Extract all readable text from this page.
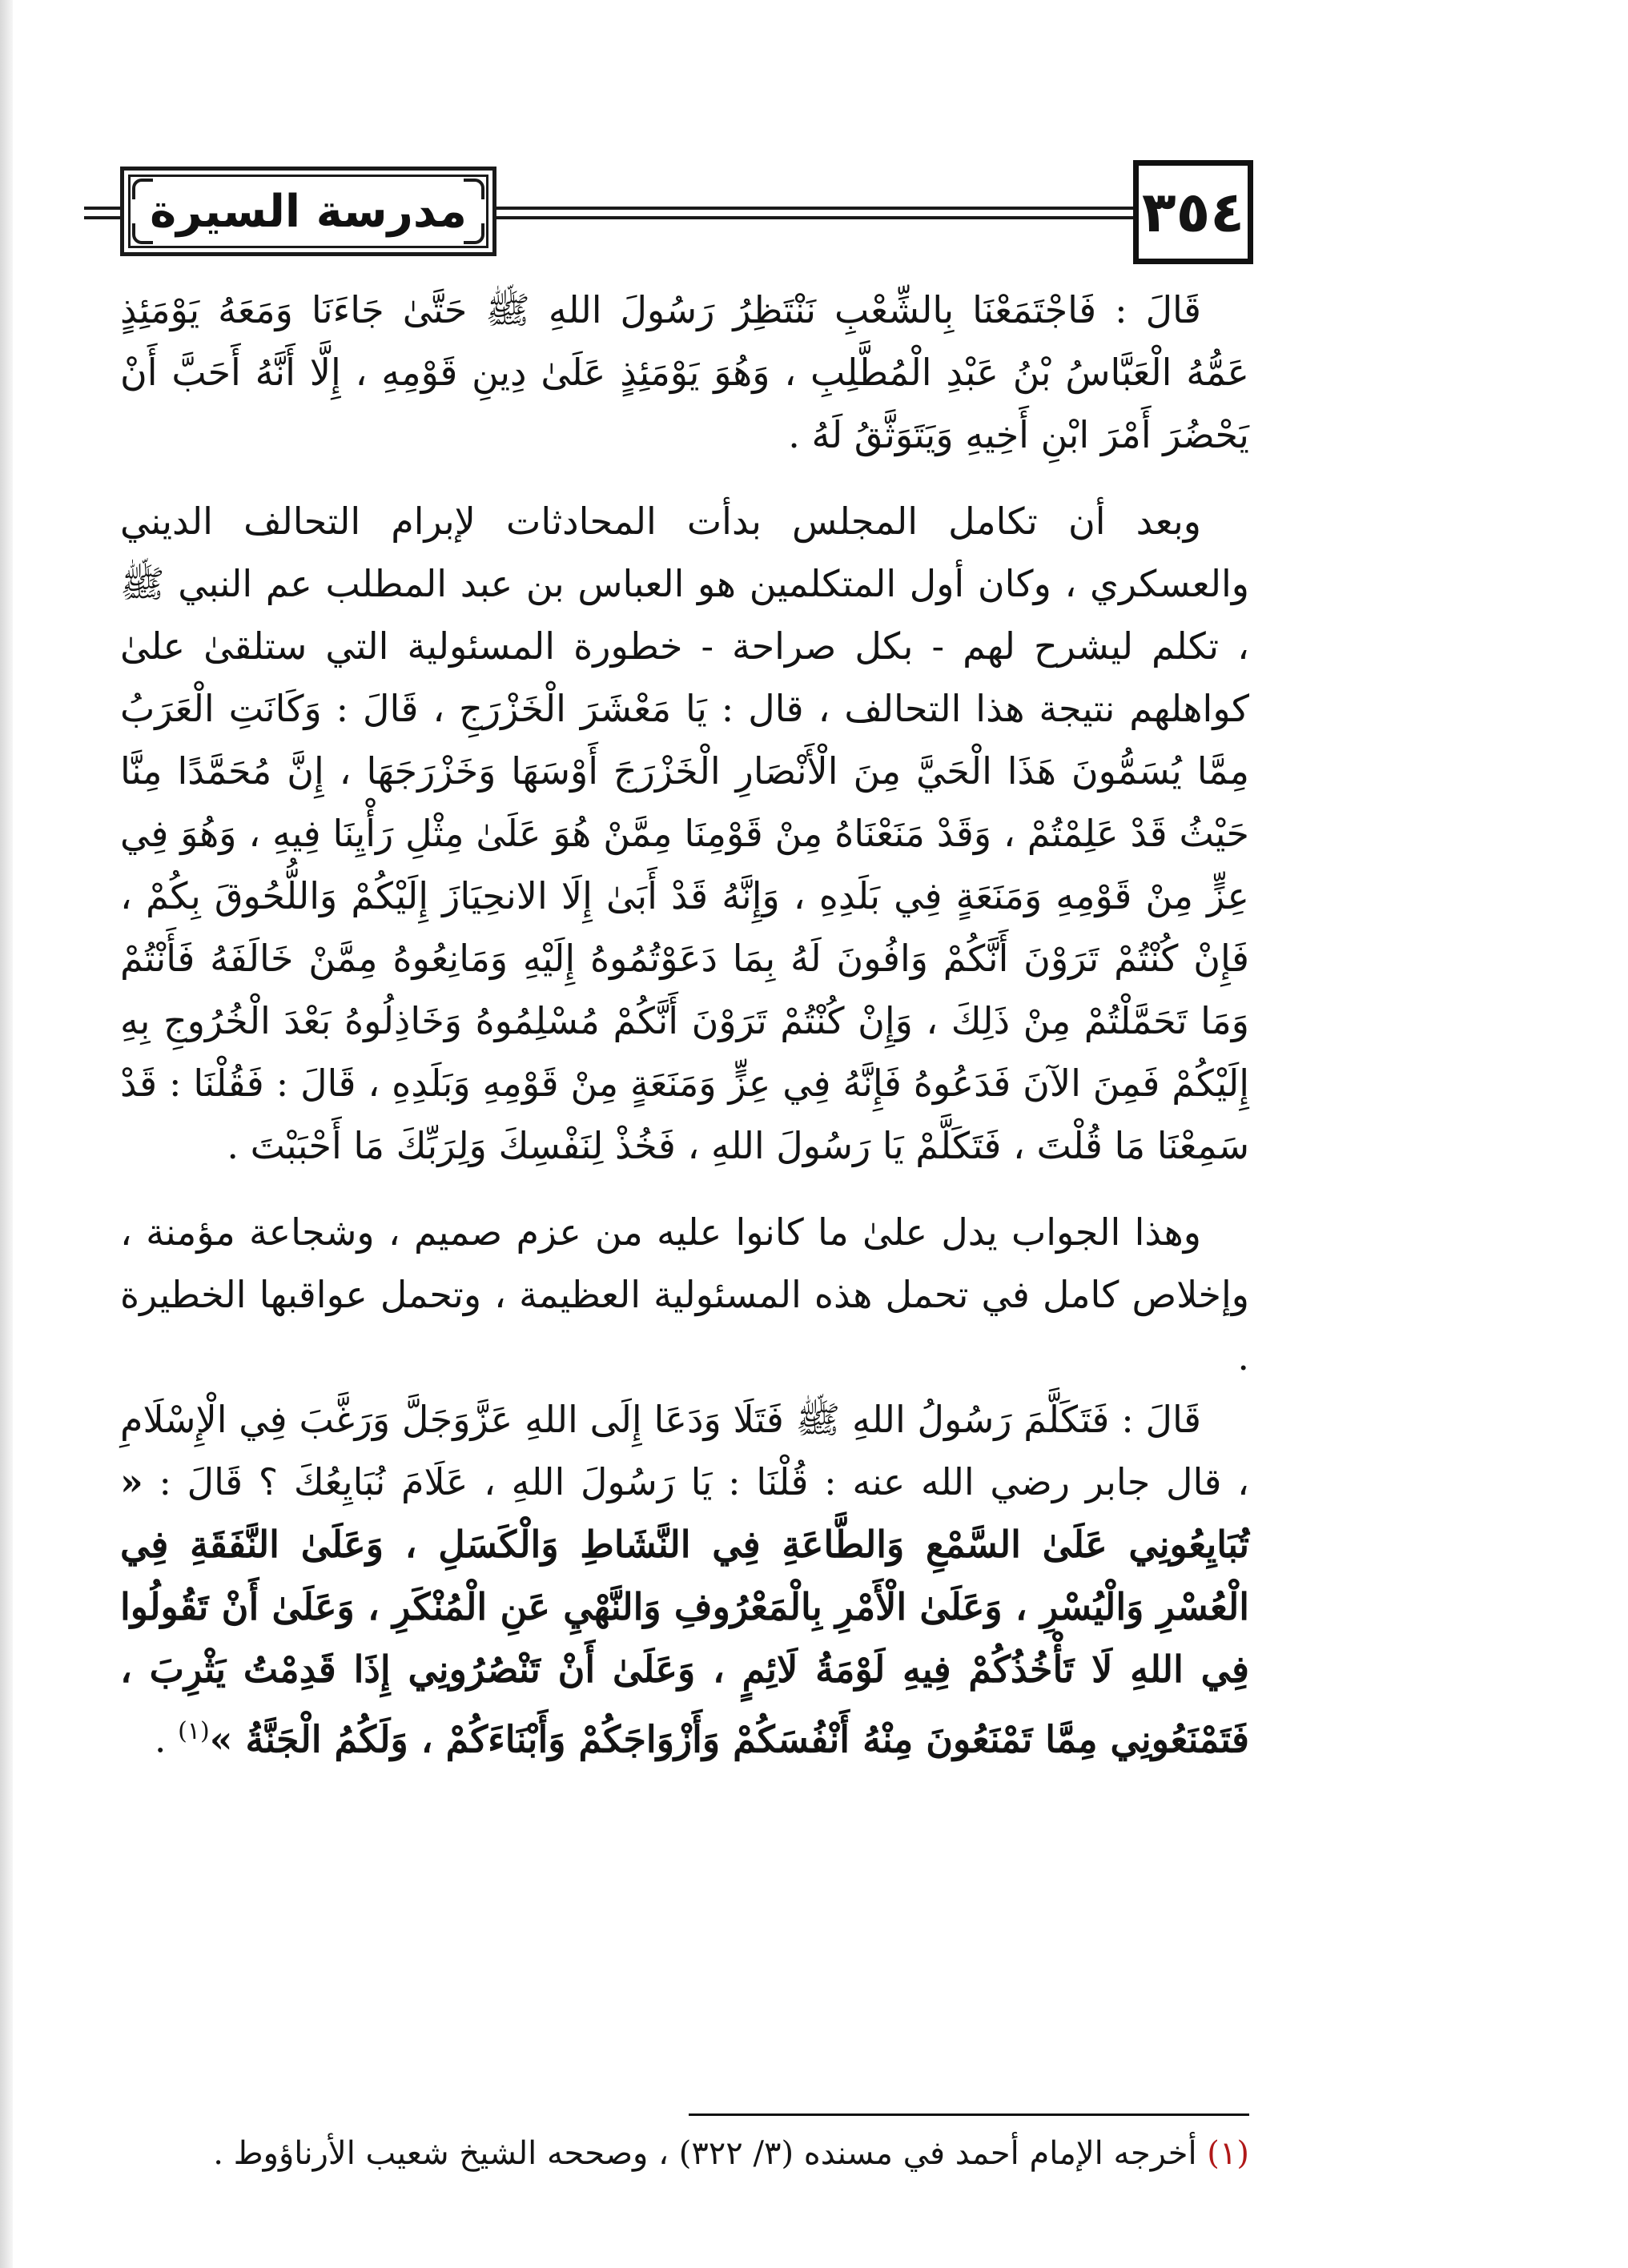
مدرسة السيرة	٣٥٤

قَالَ : فَاجْتَمَعْنَا بِالشِّعْبِ نَنْتَظِرُ رَسُولَ اللهِ ﷺ حَتَّىٰ جَاءَنَا وَمَعَهُ يَوْمَئِذٍ عَمُّهُ الْعَبَّاسُ بْنُ عَبْدِ الْمُطَّلِبِ ، وَهُوَ يَوْمَئِذٍ عَلَىٰ دِينِ قَوْمِهِ ، إِلَّا أَنَّهُ أَحَبَّ أَنْ يَحْضُرَ أَمْرَ ابْنِ أَخِيهِ وَيَتَوَثَّقُ لَهُ .

وبعد أن تكامل المجلس بدأت المحادثات لإبرام التحالف الديني والعسكري ، وكان أول المتكلمين هو العباس بن عبد المطلب عم النبي ﷺ ، تكلم ليشرح لهم - بكل صراحة - خطورة المسئولية التي ستلقىٰ علىٰ كواهلهم نتيجة هذا التحالف ، قال : يَا مَعْشَرَ الْخَزْرَجِ ، قَالَ : وَكَانَتِ الْعَرَبُ مِمَّا يُسَمُّونَ هَذَا الْحَيَّ مِنَ الْأَنْصَارِ الْخَزْرَجَ أَوْسَهَا وَخَزْرَجَهَا ، إِنَّ مُحَمَّدًا مِنَّا حَيْثُ قَدْ عَلِمْتُمْ ، وَقَدْ مَنَعْنَاهُ مِنْ قَوْمِنَا مِمَّنْ هُوَ عَلَىٰ مِثْلِ رَأْيِنَا فِيهِ ، وَهُوَ فِي عِزٍّ مِنْ قَوْمِهِ وَمَنَعَةٍ فِي بَلَدِهِ ، وَإِنَّهُ قَدْ أَبَىٰ إِلَا الانحِيَازَ إِلَيْكُمْ وَاللُّحُوقَ بِكُمْ ، فَإِنْ كُنْتُمْ تَرَوْنَ أَنَّكُمْ وَافُونَ لَهُ بِمَا دَعَوْتُمُوهُ إِلَيْهِ وَمَانِعُوهُ مِمَّنْ خَالَفَهُ فَأَنْتُمْ وَمَا تَحَمَّلْتُمْ مِنْ ذَلِكَ ، وَإِنْ كُنْتُمْ تَرَوْنَ أَنَّكُمْ مُسْلِمُوهُ وَخَاذِلُوهُ بَعْدَ الْخُرُوجِ بِهِ إِلَيْكُمْ فَمِنَ الآنَ فَدَعُوهُ فَإِنَّهُ فِي عِزٍّ وَمَنَعَةٍ مِنْ قَوْمِهِ وَبَلَدِهِ ، قَالَ : فَقُلْنَا : قَدْ سَمِعْنَا مَا قُلْتَ ، فَتَكَلَّمْ يَا رَسُولَ اللهِ ، فَخُذْ لِنَفْسِكَ وَلِرَبِّكَ مَا أَحْبَبْتَ .

وهذا الجواب يدل علىٰ ما كانوا عليه من عزم صميم ، وشجاعة مؤمنة ، وإخلاص كامل في تحمل هذه المسئولية العظيمة ، وتحمل عواقبها الخطيرة .

قَالَ : فَتَكَلَّمَ رَسُولُ اللهِ ﷺ فَتَلَا وَدَعَا إِلَى اللهِ عَزَّوَجَلَّ وَرَغَّبَ فِي الْإِسْلَامِ ، قال جابر رضي الله عنه : قُلْنَا : يَا رَسُولَ اللهِ ، عَلَامَ نُبَايِعُكَ ؟ قَالَ : « تُبَايِعُونِي عَلَىٰ السَّمْعِ وَالطَّاعَةِ فِي النَّشَاطِ وَالْكَسَلِ ، وَعَلَىٰ النَّفَقَةِ فِي الْعُسْرِ وَالْيُسْرِ ، وَعَلَىٰ الْأَمْرِ بِالْمَعْرُوفِ وَالنَّهْيِ عَنِ الْمُنْكَرِ ، وَعَلَىٰ أَنْ تَقُولُوا فِي اللهِ لَا تَأْخُذُكُمْ فِيهِ لَوْمَةُ لَائِمٍ ، وَعَلَىٰ أَنْ تَنْصُرُونِي إِذَا قَدِمْتُ يَثْرِبَ ، فَتَمْنَعُونِي مِمَّا تَمْنَعُونَ مِنْهُ أَنْفُسَكُمْ وَأَزْوَاجَكُمْ وَأَبْنَاءَكُمْ ، وَلَكُمُ الْجَنَّةُ »$^{(١)}$ .

(١) أخرجه الإمام أحمد في مسنده (٣/ ٣٢٢) ، وصححه الشيخ شعيب الأرناؤوط .
